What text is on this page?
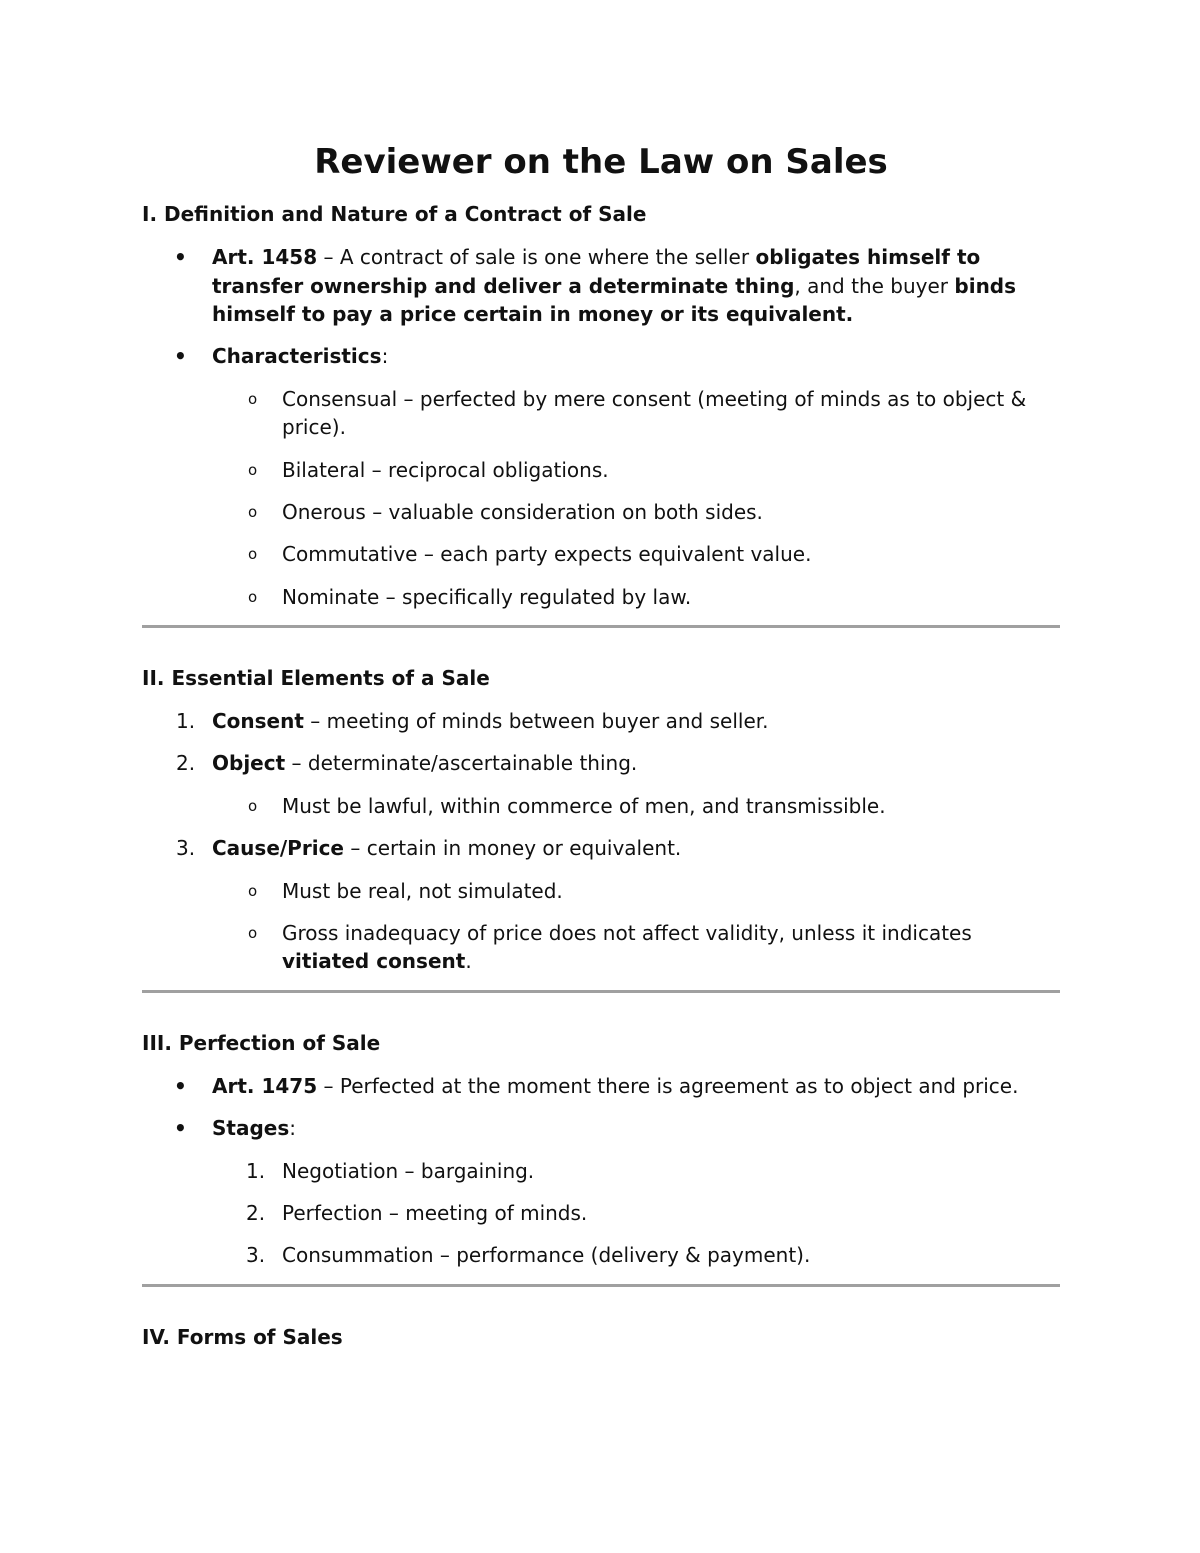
Reviewer on the Law on Sales

I. Definition and Nature of a Contract of Sale

• Art. 1458 – A contract of sale is one where the seller obligates himself to transfer ownership and deliver a determinate thing, and the buyer binds himself to pay a price certain in money or its equivalent.
• Characteristics:
o Consensual – perfected by mere consent (meeting of minds as to object & price).
o Bilateral – reciprocal obligations.
o Onerous – valuable consideration on both sides.
o Commutative – each party expects equivalent value.
o Nominate – specifically regulated by law.

II. Essential Elements of a Sale

1. Consent – meeting of minds between buyer and seller.
2. Object – determinate/ascertainable thing.
o Must be lawful, within commerce of men, and transmissible.
3. Cause/Price – certain in money or equivalent.
o Must be real, not simulated.
o Gross inadequacy of price does not affect validity, unless it indicates vitiated consent.

III. Perfection of Sale

• Art. 1475 – Perfected at the moment there is agreement as to object and price.
• Stages:
1. Negotiation – bargaining.
2. Perfection – meeting of minds.
3. Consummation – performance (delivery & payment).

IV. Forms of Sales
